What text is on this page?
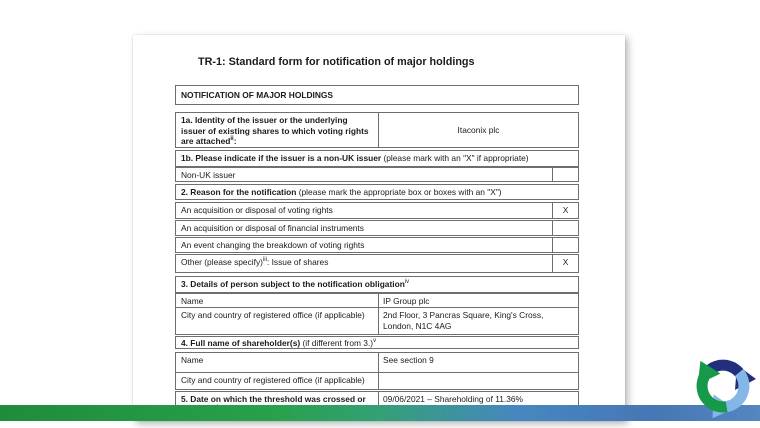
TR-1: Standard form for notification of major holdings
NOTIFICATION OF MAJOR HOLDINGS
1a. Identity of the issuer or the underlying issuer of existing shares to which voting rights are attached$^{ii}$:
Itaconix plc
1b. Please indicate if the issuer is a non-UK issuer (please mark with an "X" if appropriate)
Non-UK issuer
2. Reason for the notification (please mark the appropriate box or boxes with an "X")
An acquisition or disposal of voting rights	X
An acquisition or disposal of financial instruments
An event changing the breakdown of voting rights
Other (please specify)$^{iii}$: Issue of shares	X
3. Details of person subject to the notification obligation$^{iv}$
Name	IP Group plc
City and country of registered office (if applicable)	2nd Floor, 3 Pancras Square, King's Cross, London, N1C 4AG
4. Full name of shareholder(s) (if different from 3.)$^v$
Name	See section 9
City and country of registered office (if applicable)
5. Date on which the threshold was crossed or	09/06/2021 – Shareholding of 11.36%
